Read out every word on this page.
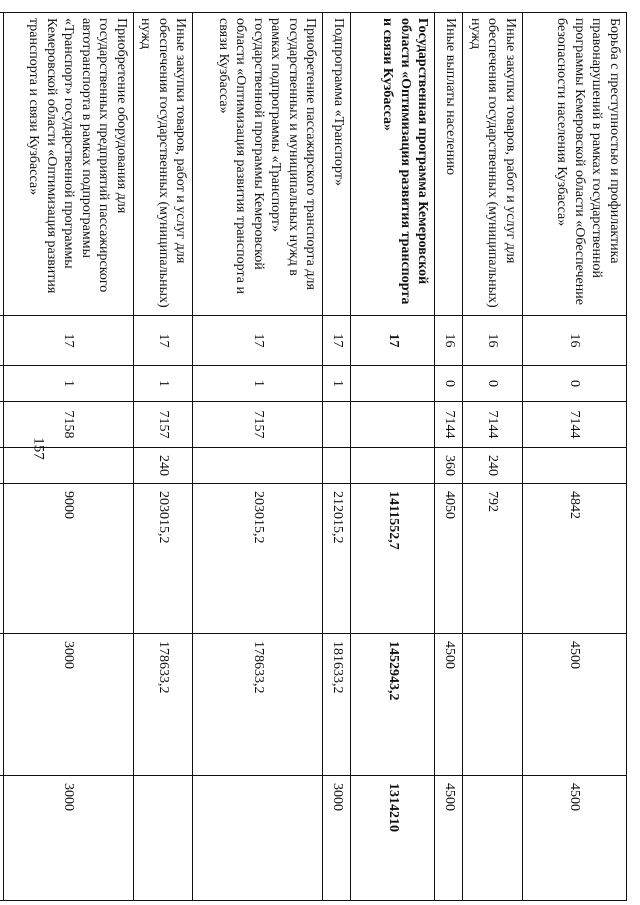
157
Борьба с преступностью и профилактика правонарушений в рамках государственной программы Кемеровской области «Обеспечение безопасности населения Кузбасса»	16	0	7144		4842	4500	4500
Иные закупки товаров, работ и услуг для обеспечения государственных (муниципальных) нужд	16	0	7144	240	792		
Иные выплаты населению	16	0	7144	360	4050	4500	4500
Государственная программа Кемеровской области «Оптимизация развития транспорта и связи Кузбасса»	17				1411552,7	1452943,2	1314210
Подпрограмма «Транспорт»	17	1			212015,2	181633,2	3000
Приобретение пассажирского транспорта для государственных и муниципальных нужд в рамках подпрограммы «Транспорт» государственной программы Кемеровской области «Оптимизация развития транспорта и связи Кузбасса»	17	1	7157		203015,2	178633,2	
Иные закупки товаров, работ и услуг для обеспечения государственных (муниципальных) нужд	17	1	7157	240	203015,2	178633,2	
Приобретение оборудования для государственных предприятий пассажирского автотранспорта в рамках подпрограммы «Транспорт» государственной программы Кемеровской области «Оптимизация развития транспорта и связи Кузбасса»	17	1	7158		9000	3000	3000
